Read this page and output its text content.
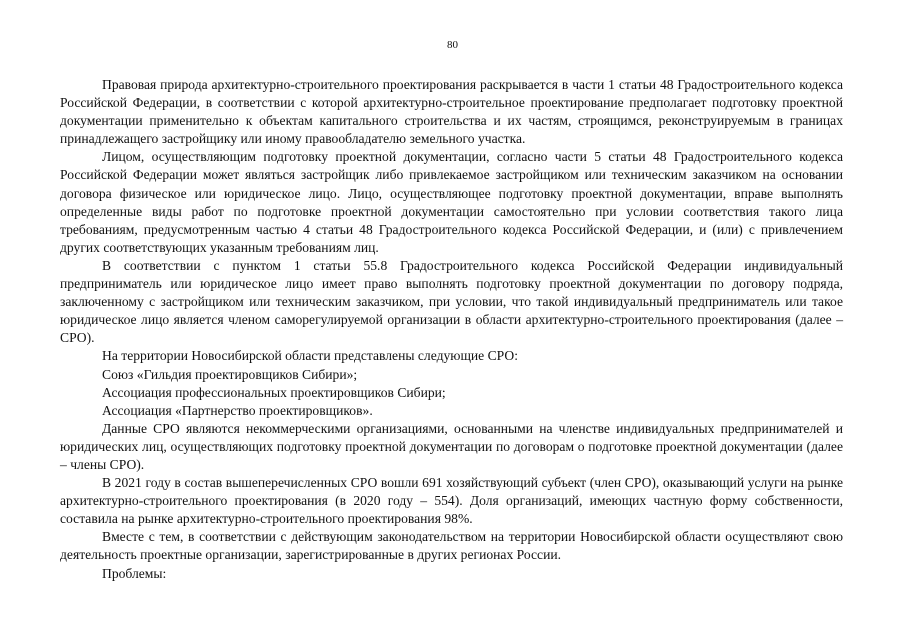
80

Правовая природа архитектурно-строительного проектирования раскрывается в части 1 статьи 48 Градостроительного кодекса Российской Федерации, в соответствии с которой архитектурно-строительное проектирование предполагает подготовку проектной документации применительно к объектам капитального строительства и их частям, строящимся, реконструируемым в границах принадлежащего застройщику или иному правообладателю земельного участка.

Лицом, осуществляющим подготовку проектной документации, согласно части 5 статьи 48 Градостроительного кодекса Российской Федерации может являться застройщик либо привлекаемое застройщиком или техническим заказчиком на основании договора физическое или юридическое лицо. Лицо, осуществляющее подготовку проектной документации, вправе выполнять определенные виды работ по подготовке проектной документации самостоятельно при условии соответствия такого лица требованиям, предусмотренным частью 4 статьи 48 Градостроительного кодекса Российской Федерации, и (или) с привлечением других соответствующих указанным требованиям лиц.

В соответствии с пунктом 1 статьи 55.8 Градостроительного кодекса Российской Федерации индивидуальный предприниматель или юридическое лицо имеет право выполнять подготовку проектной документации по договору подряда, заключенному с застройщиком или техническим заказчиком, при условии, что такой индивидуальный предприниматель или такое юридическое лицо является членом саморегулируемой организации в области архитектурно-строительного проектирования (далее – СРО).

На территории Новосибирской области представлены следующие СРО:

Союз «Гильдия проектировщиков Сибири»;

Ассоциация профессиональных проектировщиков Сибири;

Ассоциация «Партнерство проектировщиков».

Данные СРО являются некоммерческими организациями, основанными на членстве индивидуальных предпринимателей и юридических лиц, осуществляющих подготовку проектной документации по договорам о подготовке проектной документации (далее – члены СРО).

В 2021 году в состав вышеперечисленных СРО вошли 691 хозяйствующий субъект (член СРО), оказывающий услуги на рынке архитектурно-строительного проектирования (в 2020 году – 554). Доля организаций, имеющих частную форму собственности, составила на рынке архитектурно-строительного проектирования 98%.

Вместе с тем, в соответствии с действующим законодательством на территории Новосибирской области осуществляют свою деятельность проектные организации, зарегистрированные в других регионах России.

Проблемы:
